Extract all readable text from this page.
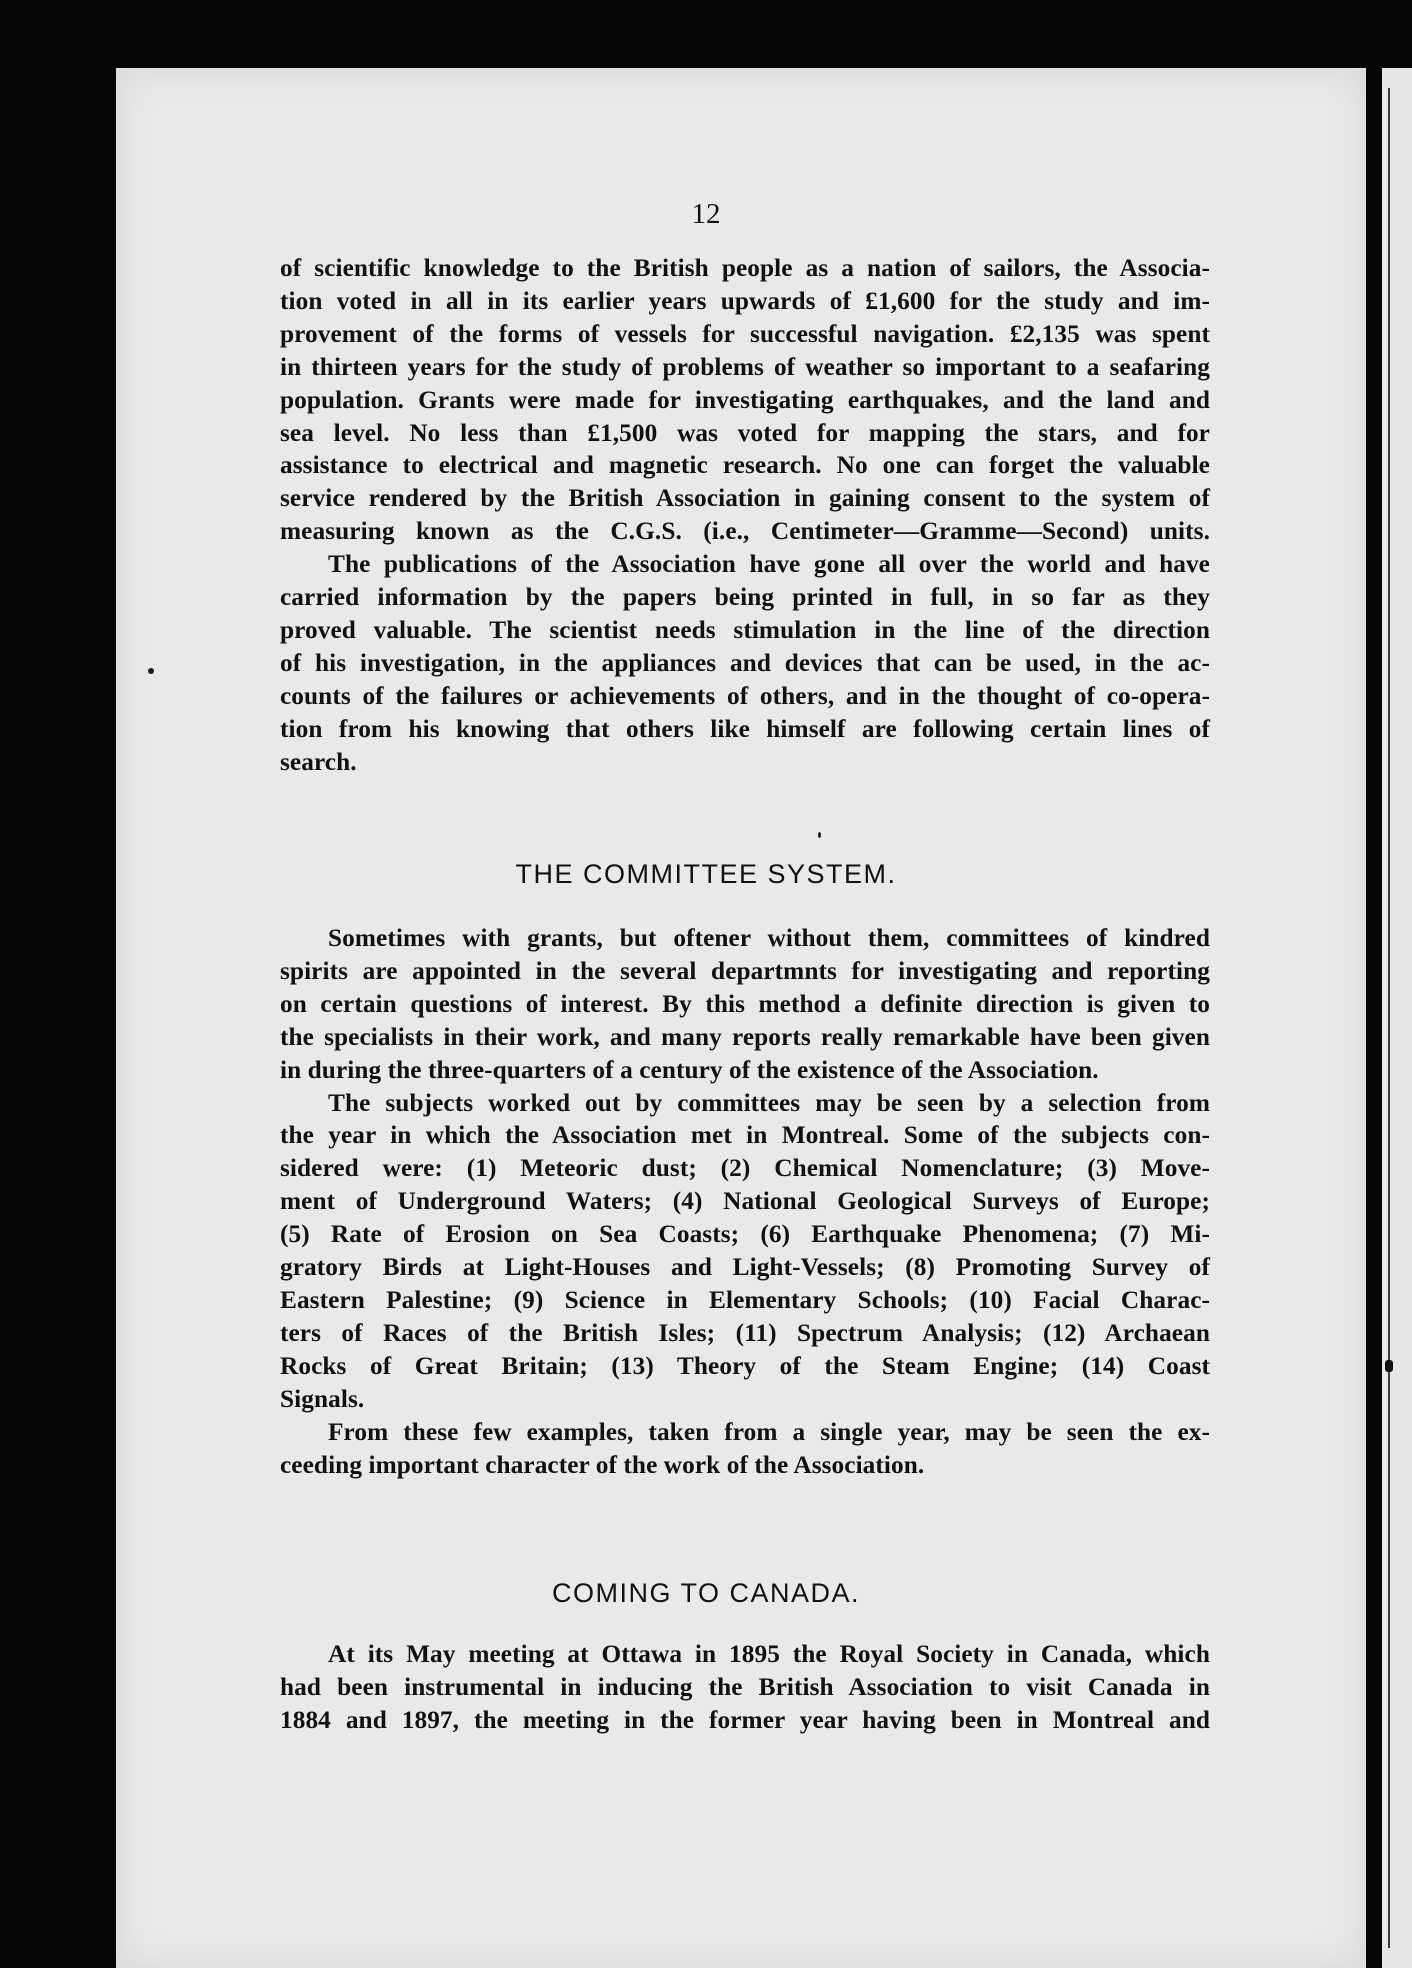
12

of scientific knowledge to the British people as a nation of sailors, the Associa-

tion voted in all in its earlier years upwards of £1,600 for the study and im-

provement of the forms of vessels for successful navigation. £2,135 was spent

in thirteen years for the study of problems of weather so important to a seafaring

population. Grants were made for investigating earthquakes, and the land and

sea level. No less than £1,500 was voted for mapping the stars, and for

assistance to electrical and magnetic research. No one can forget the valuable

service rendered by the British Association in gaining consent to the system of

measuring known as the C.G.S. (i.e., Centimeter—Gramme—Second) units.

The publications of the Association have gone all over the world and have

carried information by the papers being printed in full, in so far as they

proved valuable. The scientist needs stimulation in the line of the direction

of his investigation, in the appliances and devices that can be used, in the ac-

counts of the failures or achievements of others, and in the thought of co-opera-

tion from his knowing that others like himself are following certain lines of

search.

THE COMMITTEE SYSTEM.

Sometimes with grants, but oftener without them, committees of kindred

spirits are appointed in the several departmnts for investigating and reporting

on certain questions of interest. By this method a definite direction is given to

the specialists in their work, and many reports really remarkable have been given

in during the three-quarters of a century of the existence of the Association.

The subjects worked out by committees may be seen by a selection from

the year in which the Association met in Montreal. Some of the subjects con-

sidered were: (1) Meteoric dust; (2) Chemical Nomenclature; (3) Move-

ment of Underground Waters; (4) National Geological Surveys of Europe;

(5) Rate of Erosion on Sea Coasts; (6) Earthquake Phenomena; (7) Mi-

gratory Birds at Light-Houses and Light-Vessels; (8) Promoting Survey of

Eastern Palestine; (9) Science in Elementary Schools; (10) Facial Charac-

ters of Races of the British Isles; (11) Spectrum Analysis; (12) Archaean

Rocks of Great Britain; (13) Theory of the Steam Engine; (14) Coast

Signals.

From these few examples, taken from a single year, may be seen the ex-

ceeding important character of the work of the Association.

COMING TO CANADA.

At its May meeting at Ottawa in 1895 the Royal Society in Canada, which

had been instrumental in inducing the British Association to visit Canada in

1884 and 1897, the meeting in the former year having been in Montreal and
